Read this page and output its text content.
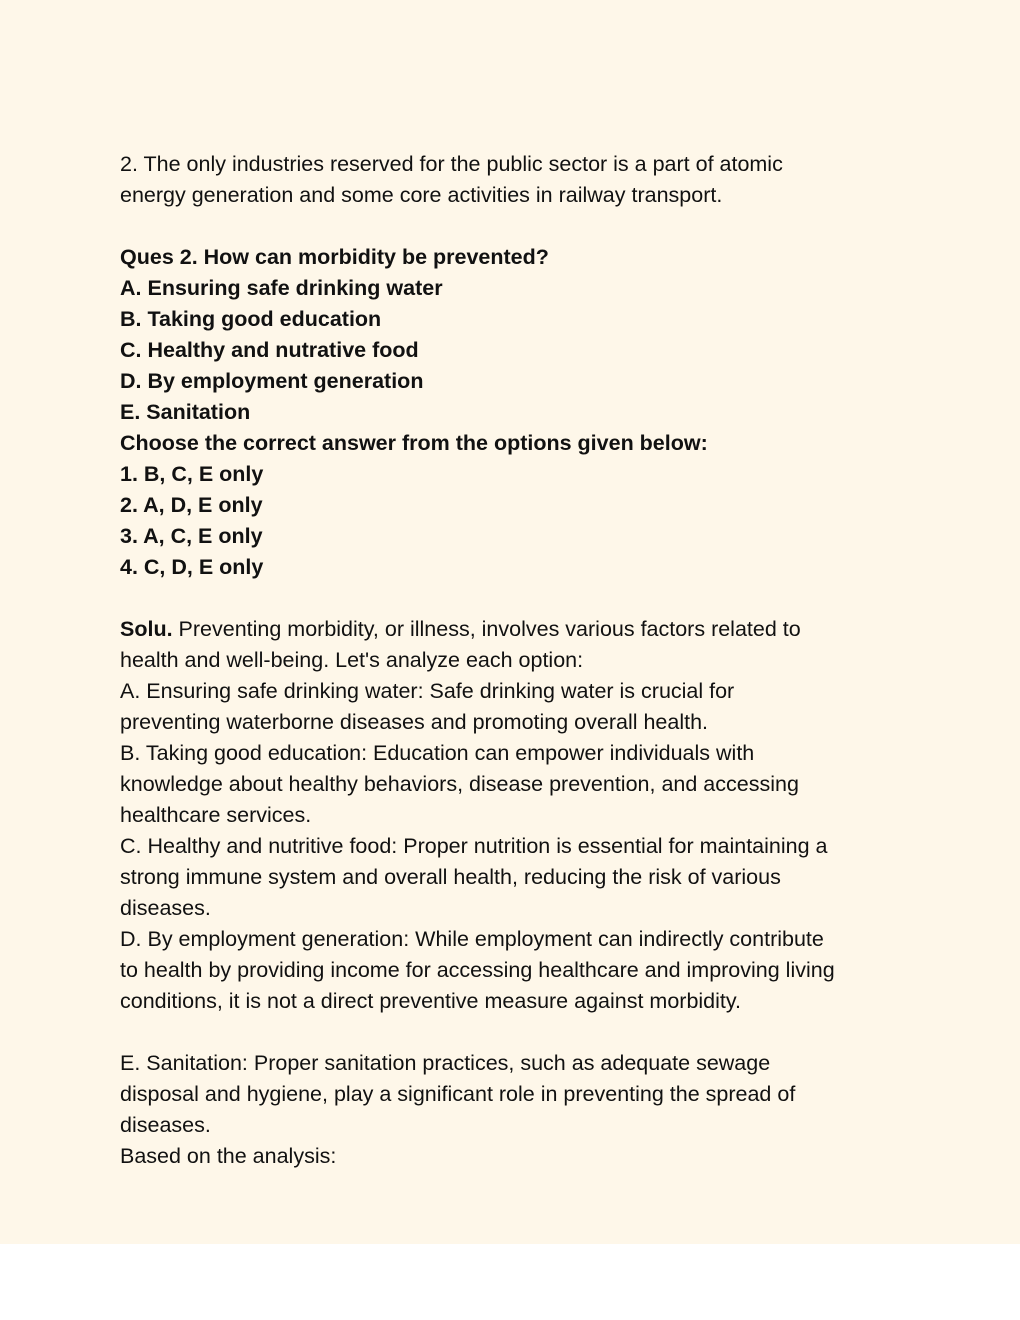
2. The only industries reserved for the public sector is a part of atomic
energy generation and some core activities in railway transport.
Ques 2. How can morbidity be prevented?
A. Ensuring safe drinking water
B. Taking good education
C. Healthy and nutrative food
D. By employment generation
E. Sanitation
Choose the correct answer from the options given below:
1. B, C, E only
2. A, D, E only
3. A, C, E only
4. C, D, E only
Solu. Preventing morbidity, or illness, involves various factors related to
health and well-being. Let's analyze each option:
A. Ensuring safe drinking water: Safe drinking water is crucial for
preventing waterborne diseases and promoting overall health.
B. Taking good education: Education can empower individuals with
knowledge about healthy behaviors, disease prevention, and accessing
healthcare services.
C. Healthy and nutritive food: Proper nutrition is essential for maintaining a
strong immune system and overall health, reducing the risk of various
diseases.
D. By employment generation: While employment can indirectly contribute
to health by providing income for accessing healthcare and improving living
conditions, it is not a direct preventive measure against morbidity.
E. Sanitation: Proper sanitation practices, such as adequate sewage
disposal and hygiene, play a significant role in preventing the spread of
diseases.
Based on the analysis:
